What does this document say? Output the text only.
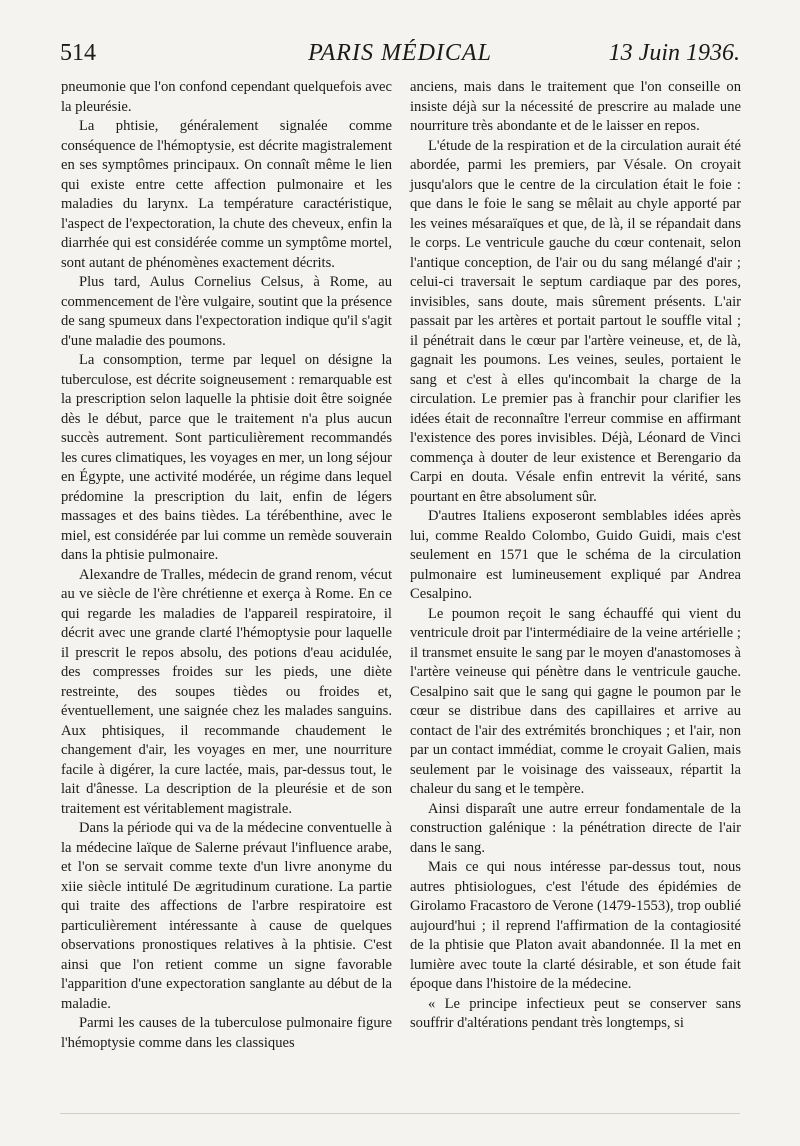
514	PARIS MÉDICAL	13 Juin 1936.

pneumonie que l'on confond cependant quelquefois avec la pleurésie.

La phtisie, généralement signalée comme conséquence de l'hémoptysie, est décrite magistralement en ses symptômes principaux. On connaît même le lien qui existe entre cette affection pulmonaire et les maladies du larynx. La température caractéristique, l'aspect de l'expectoration, la chute des cheveux, enfin la diarrhée qui est considérée comme un symptôme mortel, sont autant de phénomènes exactement décrits.

Plus tard, Aulus Cornelius Celsus, à Rome, au commencement de l'ère vulgaire, soutint que la présence de sang spumeux dans l'expectoration indique qu'il s'agit d'une maladie des poumons.

La consomption, terme par lequel on désigne la tuberculose, est décrite soigneusement : remarquable est la prescription selon laquelle la phtisie doit être soignée dès le début, parce que le traitement n'a plus aucun succès autrement. Sont particulièrement recommandés les cures climatiques, les voyages en mer, un long séjour en Égypte, une activité modérée, un régime dans lequel prédomine la prescription du lait, enfin de légers massages et des bains tièdes. La térébenthine, avec le miel, est considérée par lui comme un remède souverain dans la phtisie pulmonaire.

Alexandre de Tralles, médecin de grand renom, vécut au ve siècle de l'ère chrétienne et exerça à Rome. En ce qui regarde les maladies de l'appareil respiratoire, il décrit avec une grande clarté l'hémoptysie pour laquelle il prescrit le repos absolu, des potions d'eau acidulée, des compresses froides sur les pieds, une diète restreinte, des soupes tièdes ou froides et, éventuellement, une saignée chez les malades sanguins. Aux phtisiques, il recommande chaudement le changement d'air, les voyages en mer, une nourriture facile à digérer, la cure lactée, mais, par-dessus tout, le lait d'ânesse. La description de la pleurésie et de son traitement est véritablement magistrale.

Dans la période qui va de la médecine conventuelle à la médecine laïque de Salerne prévaut l'influence arabe, et l'on se servait comme texte d'un livre anonyme du xiie siècle intitulé De ægritudinum curatione. La partie qui traite des affections de l'arbre respiratoire est particulièrement intéressante à cause de quelques observations pronostiques relatives à la phtisie. C'est ainsi que l'on retient comme un signe favorable l'apparition d'une expectoration sanglante au début de la maladie.

Parmi les causes de la tuberculose pulmonaire figure l'hémoptysie comme dans les classiques

anciens, mais dans le traitement que l'on conseille on insiste déjà sur la nécessité de prescrire au malade une nourriture très abondante et de le laisser en repos.

L'étude de la respiration et de la circulation aurait été abordée, parmi les premiers, par Vésale. On croyait jusqu'alors que le centre de la circulation était le foie : que dans le foie le sang se mêlait au chyle apporté par les veines mésaraïques et que, de là, il se répandait dans le corps. Le ventricule gauche du cœur contenait, selon l'antique conception, de l'air ou du sang mélangé d'air ; celui-ci traversait le septum cardiaque par des pores, invisibles, sans doute, mais sûrement présents. L'air passait par les artères et portait partout le souffle vital ; il pénétrait dans le cœur par l'artère veineuse, et, de là, gagnait les poumons. Les veines, seules, portaient le sang et c'est à elles qu'incombait la charge de la circulation. Le premier pas à franchir pour clarifier les idées était de reconnaître l'erreur commise en affirmant l'existence des pores invisibles. Déjà, Léonard de Vinci commença à douter de leur existence et Berengario da Carpi en douta. Vésale enfin entrevit la vérité, sans pourtant en être absolument sûr.

D'autres Italiens exposeront semblables idées après lui, comme Realdo Colombo, Guido Guidi, mais c'est seulement en 1571 que le schéma de la circulation pulmonaire est lumineusement expliqué par Andrea Cesalpino.

Le poumon reçoit le sang échauffé qui vient du ventricule droit par l'intermédiaire de la veine artérielle ; il transmet ensuite le sang par le moyen d'anastomoses à l'artère veineuse qui pénètre dans le ventricule gauche. Cesalpino sait que le sang qui gagne le poumon par le cœur se distribue dans des capillaires et arrive au contact de l'air des extrémités bronchiques ; et l'air, non par un contact immédiat, comme le croyait Galien, mais seulement par le voisinage des vaisseaux, répartit la chaleur du sang et le tempère.

Ainsi disparaît une autre erreur fondamentale de la construction galénique : la pénétration directe de l'air dans le sang.

Mais ce qui nous intéresse par-dessus tout, nous autres phtisiologues, c'est l'étude des épidémies de Girolamo Fracastoro de Verone (1479-1553), trop oublié aujourd'hui ; il reprend l'affirmation de la contagiosité de la phtisie que Platon avait abandonnée. Il la met en lumière avec toute la clarté désirable, et son étude fait époque dans l'histoire de la médecine.

« Le principe infectieux peut se conserver sans souffrir d'altérations pendant très longtemps, si
